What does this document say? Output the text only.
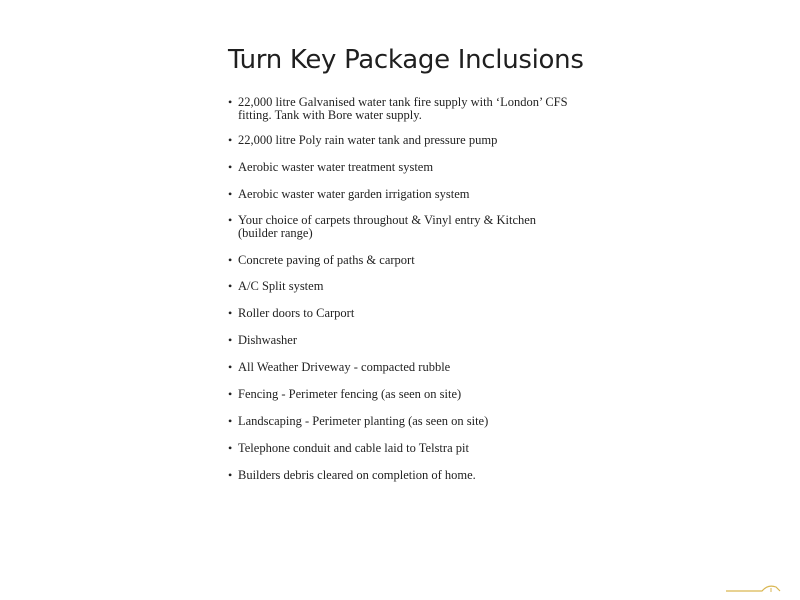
Turn Key Package Inclusions
• 22,000 litre Galvanised water tank fire supply with ‘London’ CFS fitting. Tank with Bore water supply.
• 22,000 litre Poly rain water tank and pressure pump
• Aerobic waster water treatment system
• Aerobic waster water garden irrigation system
• Your choice of carpets throughout & Vinyl entry & Kitchen (builder range)
• Concrete paving of paths & carport
• A/C Split system
• Roller doors to Carport
• Dishwasher
• All Weather Driveway - compacted rubble
• Fencing - Perimeter fencing (as seen on site)
• Landscaping - Perimeter planting (as seen on site)
• Telephone conduit and cable laid to Telstra pit
• Builders debris cleared on completion of home.
